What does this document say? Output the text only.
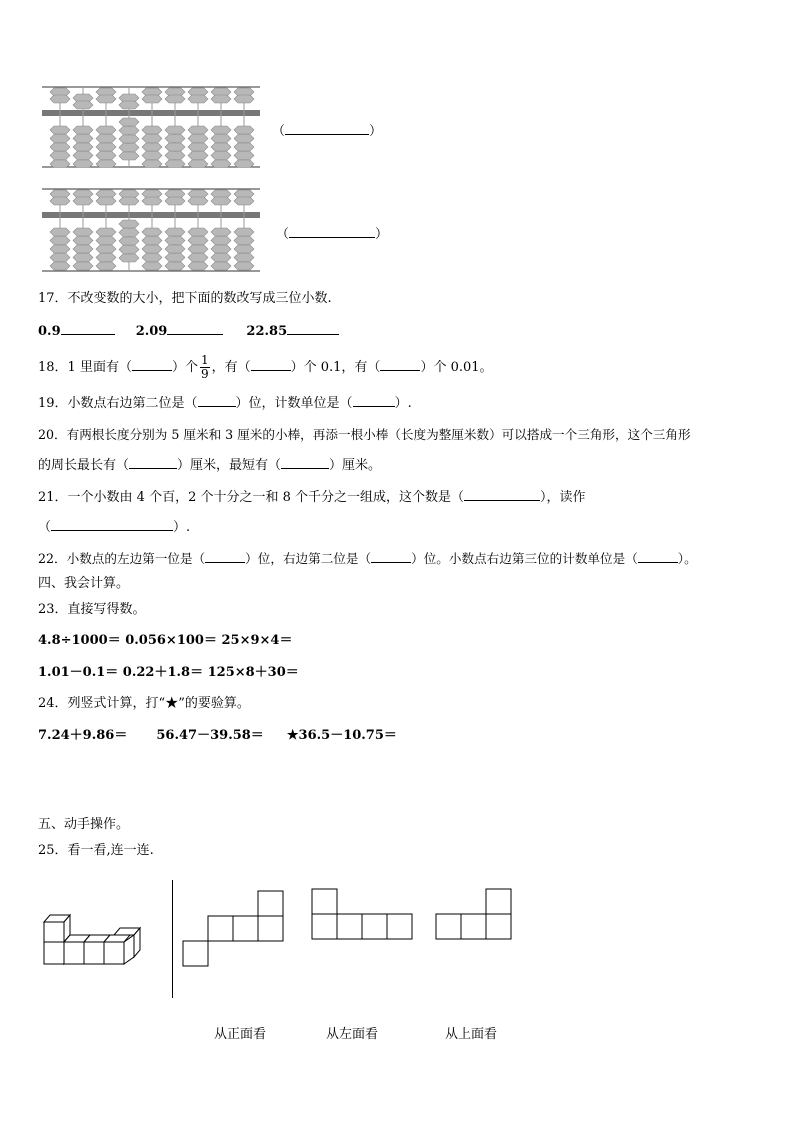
（	）
（	）
17．不改变数的大小，把下面的数改写成三位小数.
0.9	2.09	22.85
18．1 里面有（	）个 $\frac{1}{9}$ ，有（	）个 0.1，有（	）个 0.01。
19．小数点右边第二位是（	）位，计数单位是（	）.
20．有两根长度分别为 5 厘米和 3 厘米的小棒，再添一根小棒（长度为整厘米数）可以搭成一个三角形，这个三角形
的周长最长有（	）厘米，最短有（	）厘米。
21．一个小数由 4 个百，2 个十分之一和 8 个千分之一组成，这个数是（	），读作
（	）.
22．小数点的左边第一位是（	）位，右边第二位是（	）位。小数点右边第三位的计数单位是（	）。
四、我会计算。
23．直接写得数。
4.8÷1000＝ 0.056×100＝ 25×9×4＝
1.01－0.1＝ 0.22＋1.8＝ 125×8＋30＝
24．列竖式计算，打“★”的要验算。
7.24＋9.86＝ 56.47－39.58＝ ★36.5－10.75＝
五、动手操作。
25．看一看,连一连.
从正面看	从左面看	从上面看
